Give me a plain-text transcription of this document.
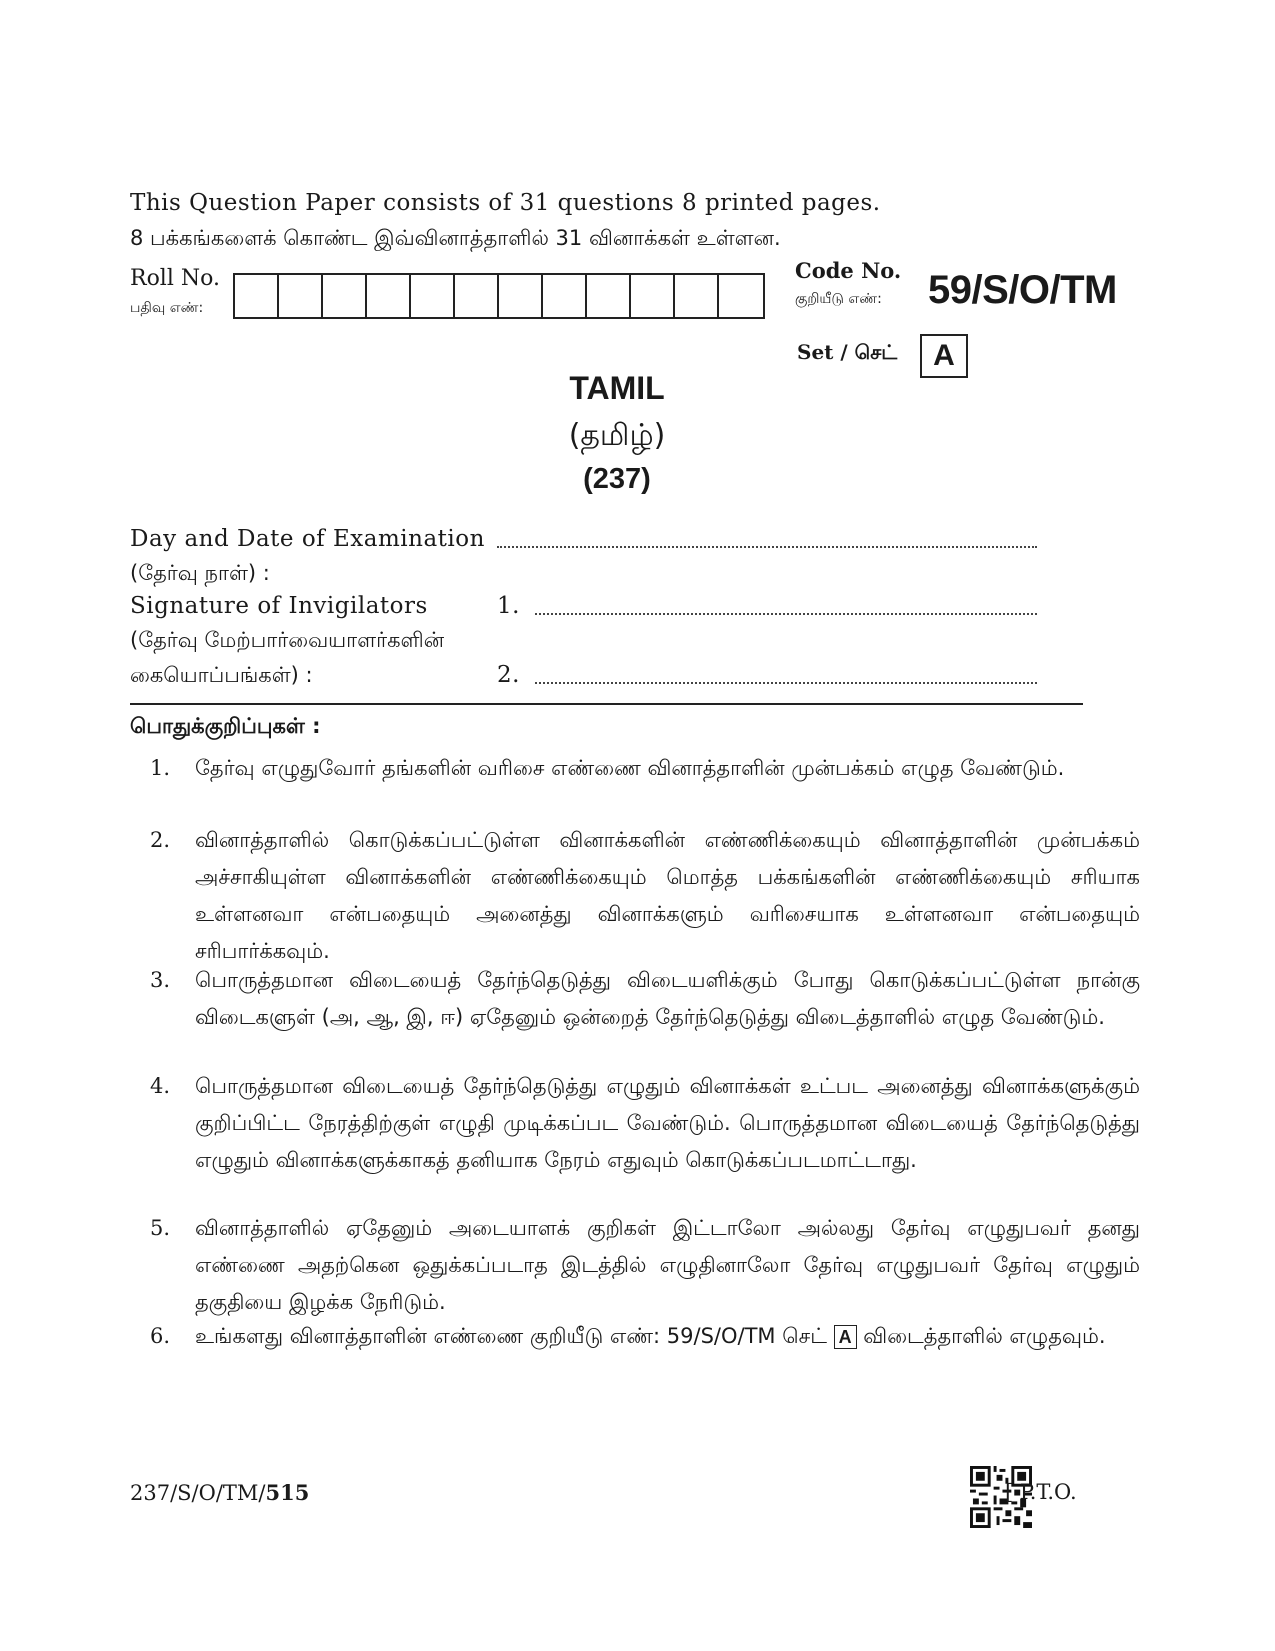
This Question Paper consists of 31 questions 8 printed pages.
8 பக்கங்களைக் கொண்ட இவ்வினாத்தாளில் 31 வினாக்கள் உள்ளன.
Roll No.
பதிவு எண்:
Code No.
குறியீடு எண்: 59/S/O/TM
Set / செட்	A
TAMIL
(தமிழ்)
(237)
Day and Date of Examination
(தேர்வு நாள்) :
Signature of Invigilators	1.
(தேர்வு மேற்பார்வையாளர்களின்
கையொப்பங்கள்) :	2.
பொதுக்குறிப்புகள் :
1. தேர்வு எழுதுவோர் தங்களின் வரிசை எண்ணை வினாத்தாளின் முன்பக்கம் எழுத வேண்டும்.
2. வினாத்தாளில் கொடுக்கப்பட்டுள்ள வினாக்களின் எண்ணிக்கையும் வினாத்தாளின் முன்பக்கம் அச்சாகியுள்ள வினாக்களின் எண்ணிக்கையும் மொத்த பக்கங்களின் எண்ணிக்கையும் சரியாக உள்ளனவா என்பதையும் அனைத்து வினாக்களும் வரிசையாக உள்ளனவா என்பதையும் சரிபார்க்கவும்.
3. பொருத்தமான விடையைத் தேர்ந்தெடுத்து விடையளிக்கும் போது கொடுக்கப்பட்டுள்ள நான்கு விடைகளுள் (அ, ஆ, இ, ஈ) ஏதேனும் ஒன்றைத் தேர்ந்தெடுத்து விடைத்தாளில் எழுத வேண்டும்.
4. பொருத்தமான விடையைத் தேர்ந்தெடுத்து எழுதும் வினாக்கள் உட்பட அனைத்து வினாக்களுக்கும் குறிப்பிட்ட நேரத்திற்குள் எழுதி முடிக்கப்பட வேண்டும். பொருத்தமான விடையைத் தேர்ந்தெடுத்து எழுதும் வினாக்களுக்காகத் தனியாக நேரம் எதுவும் கொடுக்கப்படமாட்டாது.
5. வினாத்தாளில் ஏதேனும் அடையாளக் குறிகள் இட்டாலோ அல்லது தேர்வு எழுதுபவர் தனது எண்ணை அதற்கென ஒதுக்கப்படாத இடத்தில் எழுதினாலோ தேர்வு எழுதுபவர் தேர்வு எழுதும் தகுதியை இழக்க நேரிடும்.
6. உங்களது வினாத்தாளின் எண்ணை குறியீடு எண்: 59/S/O/TM செட் A விடைத்தாளில் எழுதவும்.
237/S/O/TM/515	[ P.T.O.
